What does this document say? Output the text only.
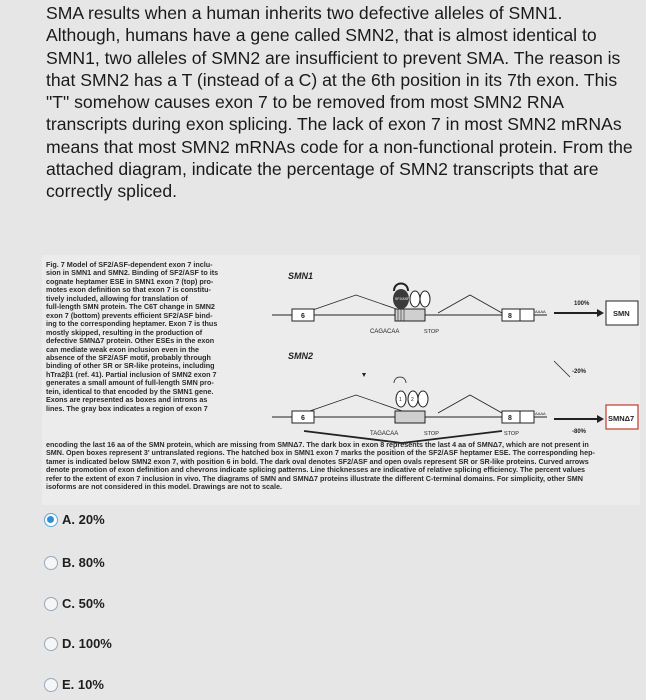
SMA results when a human inherits two defective alleles of SMN1. Although, humans have a gene called SMN2, that is almost identical to SMN1, two alleles of SMN2 are insufficient to prevent SMA. The reason is that SMN2 has a T (instead of a C) at the 6th position in its 7th exon. This "T" somehow causes exon 7 to be removed from most SMN2 RNA transcripts during exon splicing. The lack of exon 7 in most SMN2 mRNAs means that most SMN2 mRNAs code for a non-functional protein. From the attached diagram, indicate the percentage of SMN2 transcripts that are correctly spliced.

Fig. 7 Model of SF2/ASF-dependent exon 7 inclu-
sion in SMN1 and SMN2. Binding of SF2/ASF to its
cognate heptamer ESE in SMN1 exon 7 (top) pro-
motes exon definition so that exon 7 is constitu-
tively included, allowing for translation of
full-length SMN protein. The C6T change in SMN2
exon 7 (bottom) prevents efficient SF2/ASF bind-
ing to the corresponding heptamer. Exon 7 is thus
mostly skipped, resulting in the production of
defective SMNΔ7 protein. Other ESEs in the exon
can mediate weak exon inclusion even in the
absence of the SF2/ASF motif, probably through
binding of other SR or SR-like proteins, including
hTra2β1 (ref. 41). Partial inclusion of SMN2 exon 7
generates a small amount of full-length SMN pro-
tein, identical to that encoded by the SMN1 gene.
Exons are represented as boxes and introns as
lines. The gray box indicates a region of exon 7
SMN1
6
SF2/ASF
8
AAAA
CAGACAA	STOP
100%
SMN
SMN2
6
1 2
8
AAAA
TAGACAA	STOP	STOP
-20%
-80%
SMNΔ7
encoding the last 16 aa of the SMN protein, which are missing from SMNΔ7. The dark box in exon 8 represents the last 4 aa of SMNΔ7, which are not present in
SMN. Open boxes represent 3' untranslated regions. The hatched box in SMN1 exon 7 marks the position of the SF2/ASF heptamer ESE. The corresponding hep-
tamer is indicated below SMN2 exon 7, with position 6 in bold. The dark oval denotes SF2/ASF and open ovals represent SR or SR-like proteins. Curved arrows
denote promotion of exon definition and chevrons indicate splicing patterns. Line thicknesses are indicative of relative splicing efficiency. The percent values
refer to the extent of exon 7 inclusion in vivo. The diagrams of SMN and SMNΔ7 proteins illustrate the different C-terminal domains. For simplicity, other SMN
isoforms are not considered in this model. Drawings are not to scale.
A. 20%
B. 80%
C. 50%
D. 100%
E. 10%
